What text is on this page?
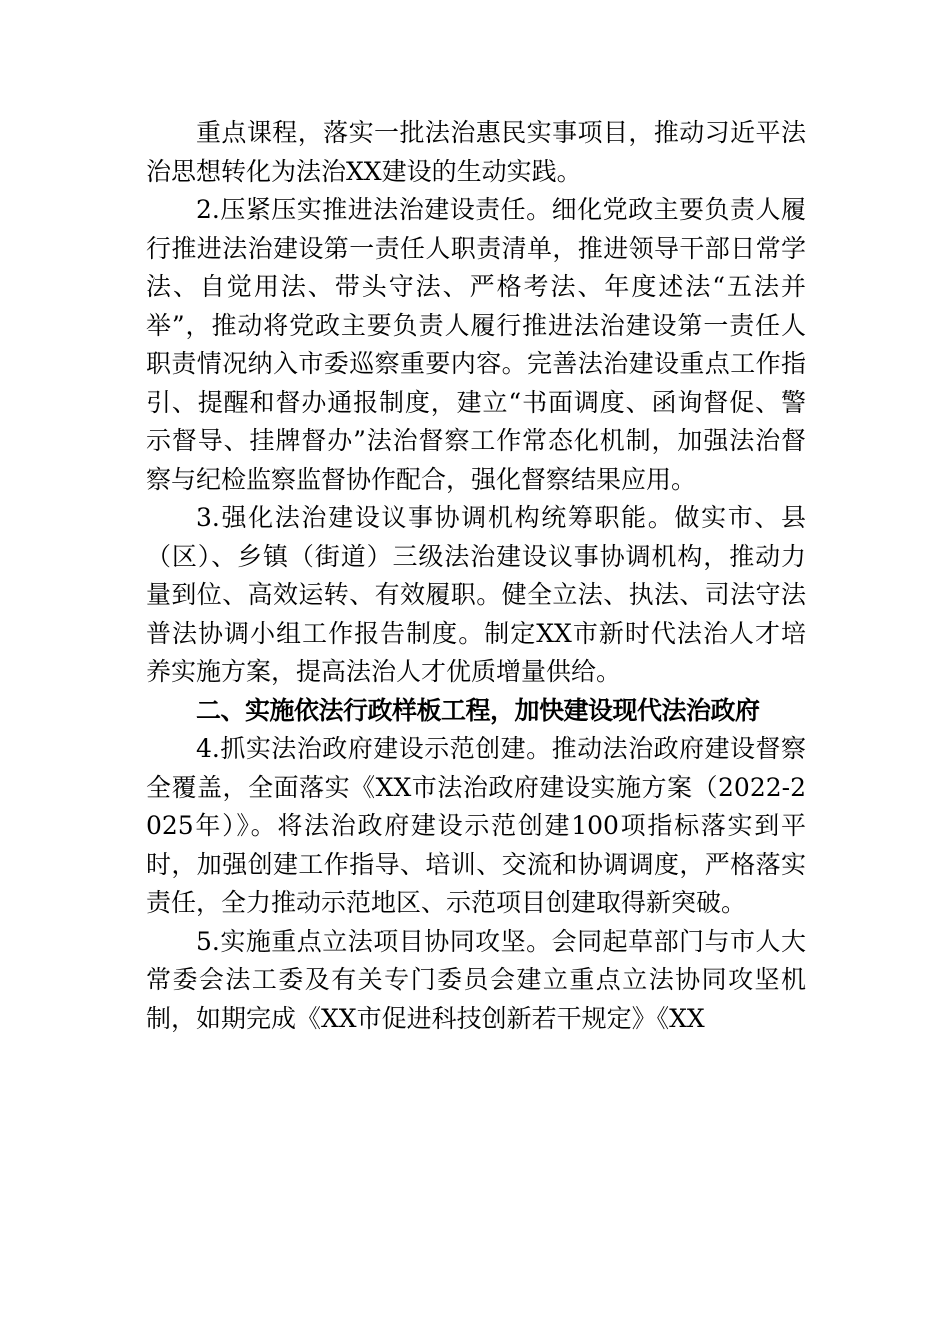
重点课程，落实一批法治惠民实事项目，推动习近平法治思想转化为法治XX建设的生动实践。

2.压紧压实推进法治建设责任。细化党政主要负责人履行推进法治建设第一责任人职责清单，推进领导干部日常学法、自觉用法、带头守法、严格考法、年度述法“五法并举”，推动将党政主要负责人履行推进法治建设第一责任人职责情况纳入市委巡察重要内容。完善法治建设重点工作指引、提醒和督办通报制度，建立“书面调度、函询督促、警示督导、挂牌督办”法治督察工作常态化机制，加强法治督察与纪检监察监督协作配合，强化督察结果应用。

3.强化法治建设议事协调机构统筹职能。做实市、县（区）、乡镇（街道）三级法治建设议事协调机构，推动力量到位、高效运转、有效履职。健全立法、执法、司法守法普法协调小组工作报告制度。制定XX市新时代法治人才培养实施方案，提高法治人才优质增量供给。

二、实施依法行政样板工程，加快建设现代法治政府

4.抓实法治政府建设示范创建。推动法治政府建设督察全覆盖，全面落实《XX市法治政府建设实施方案（2022-2025年）》。将法治政府建设示范创建100项指标落实到平时，加强创建工作指导、培训、交流和协调调度，严格落实责任，全力推动示范地区、示范项目创建取得新突破。

5.实施重点立法项目协同攻坚。会同起草部门与市人大常委会法工委及有关专门委员会建立重点立法协同攻坚机制，如期完成《XX市促进科技创新若干规定》《XX
